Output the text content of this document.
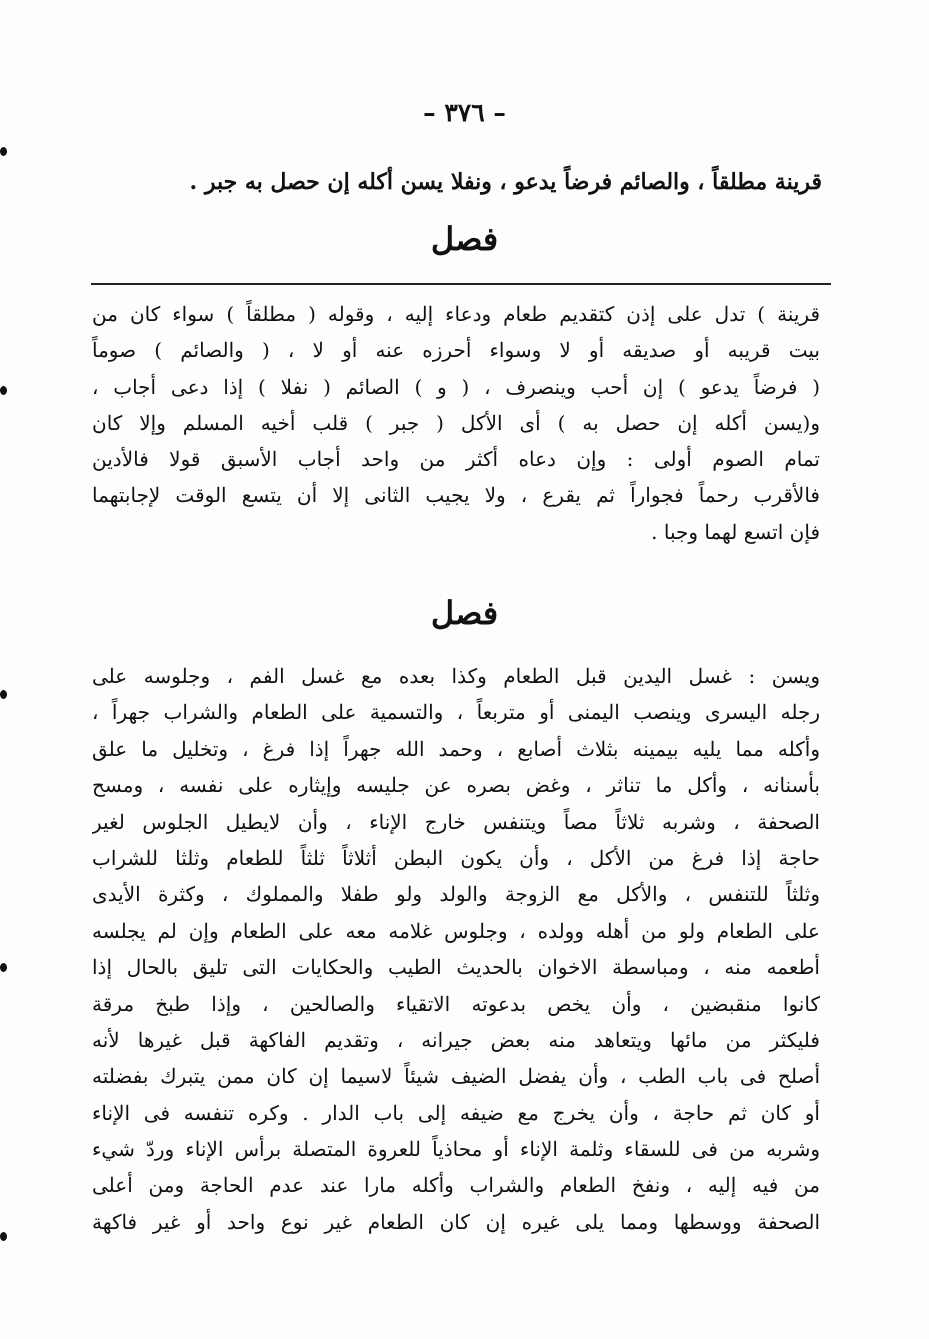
– ٣٧٦ –
قرينة مطلقاً ، والصائم فرضاً يدعو ، ونفلا يسن أكله إن حصل به جبر .
فصل
قرينة ) تدل على إذن كتقديم طعام ودعاء إليه ، وقوله ( مطلقاً ) سواء كان من
بيت قريبه أو صديقه أو لا وسواء أحرزه عنه أو لا ، ( والصائم ) صوماً
( فرضاً يدعو ) إن أحب وينصرف ، ( و ) الصائم ( نفلا ) إذا دعى أجاب ،
و(يسن أكله إن حصل به ) أى الأكل ( جبر ) قلب أخيه المسلم وإلا كان
تمام الصوم أولى : وإن دعاه أكثر من واحد أجاب الأسبق قولا فالأدين
فالأقرب رحماً فجواراً ثم يقرع ، ولا يجيب الثانى إلا أن يتسع الوقت لإجابتهما
فإن اتسع لهما وجبا .
فصل
ويسن : غسل اليدين قبل الطعام وكذا بعده مع غسل الفم ، وجلوسه على
رجله اليسرى وينصب اليمنى أو متربعاً ، والتسمية على الطعام والشراب جهراً ،
وأكله مما يليه بيمينه بثلاث أصابع ، وحمد الله جهراً إذا فرغ ، وتخليل ما علق
بأسنانه ، وأكل ما تناثر ، وغض بصره عن جليسه وإيثاره على نفسه ، ومسح
الصحفة ، وشربه ثلاثاً مصاً ويتنفس خارج الإناء ، وأن لايطيل الجلوس لغير
حاجة إذا فرغ من الأكل ، وأن يكون البطن أثلاثاً ثلثاً للطعام وثلثا للشراب
وثلثاً للتنفس ، والأكل مع الزوجة والولد ولو طفلا والمملوك ، وكثرة الأيدى
على الطعام ولو من أهله وولده ، وجلوس غلامه معه على الطعام وإن لم يجلسه
أطعمه منه ، ومباسطة الاخوان بالحديث الطيب والحكايات التى تليق بالحال إذا
كانوا منقبضين ، وأن يخص بدعوته الاتقياء والصالحين ، وإذا طبخ مرقة
فليكثر من مائها ويتعاهد منه بعض جيرانه ، وتقديم الفاكهة قبل غيرها لأنه
أصلح فى باب الطب ، وأن يفضل الضيف شيئاً لاسيما إن كان ممن يتبرك بفضلته
أو كان ثم حاجة ، وأن يخرج مع ضيفه إلى باب الدار . وكره تنفسه فى الإناء
وشربه من فى للسقاء وثلمة الإناء أو محاذياً للعروة المتصلة برأس الإناء وردّ شيء
من فيه إليه ، ونفخ الطعام والشراب وأكله مارا عند عدم الحاجة ومن أعلى
الصحفة ووسطها ومما يلى غيره إن كان الطعام غير نوع واحد أو غير فاكهة
